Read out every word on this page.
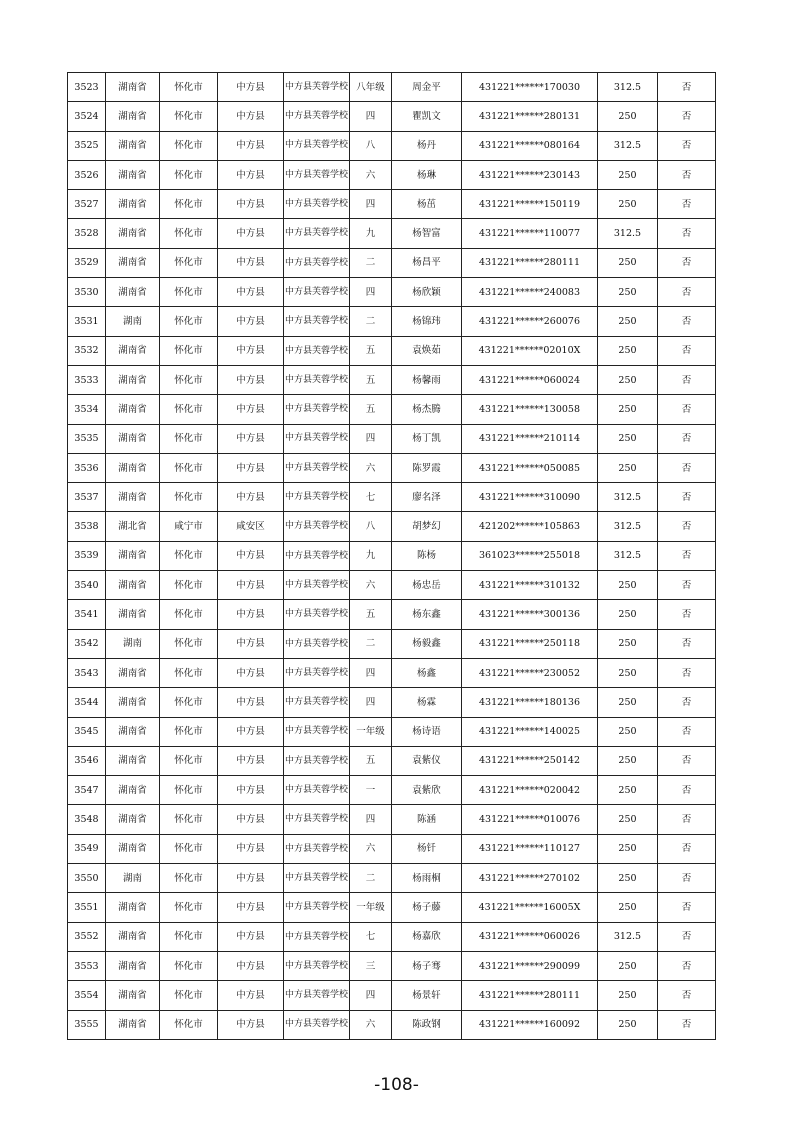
3523	湖南省	怀化市	中方县	中方县芙蓉学校	八年级	周金平	431221******170030	312.5	否
3524	湖南省	怀化市	中方县	中方县芙蓉学校	四	瞿凯文	431221******280131	250	否
3525	湖南省	怀化市	中方县	中方县芙蓉学校	八	杨丹	431221******080164	312.5	否
3526	湖南省	怀化市	中方县	中方县芙蓉学校	六	杨琳	431221******230143	250	否
3527	湖南省	怀化市	中方县	中方县芙蓉学校	四	杨茁	431221******150119	250	否
3528	湖南省	怀化市	中方县	中方县芙蓉学校	九	杨智富	431221******110077	312.5	否
3529	湖南省	怀化市	中方县	中方县芙蓉学校	二	杨昌平	431221******280111	250	否
3530	湖南省	怀化市	中方县	中方县芙蓉学校	四	杨欣颖	431221******240083	250	否
3531	湖南	怀化市	中方县	中方县芙蓉学校	二	杨锦玮	431221******260076	250	否
3532	湖南省	怀化市	中方县	中方县芙蓉学校	五	袁焕茹	431221******02010X	250	否
3533	湖南省	怀化市	中方县	中方县芙蓉学校	五	杨馨雨	431221******060024	250	否
3534	湖南省	怀化市	中方县	中方县芙蓉学校	五	杨杰腾	431221******130058	250	否
3535	湖南省	怀化市	中方县	中方县芙蓉学校	四	杨丁凯	431221******210114	250	否
3536	湖南省	怀化市	中方县	中方县芙蓉学校	六	陈罗霞	431221******050085	250	否
3537	湖南省	怀化市	中方县	中方县芙蓉学校	七	廖名泽	431221******310090	312.5	否
3538	湖北省	咸宁市	咸安区	中方县芙蓉学校	八	胡梦幻	421202******105863	312.5	否
3539	湖南省	怀化市	中方县	中方县芙蓉学校	九	陈杨	361023******255018	312.5	否
3540	湖南省	怀化市	中方县	中方县芙蓉学校	六	杨忠岳	431221******310132	250	否
3541	湖南省	怀化市	中方县	中方县芙蓉学校	五	杨东鑫	431221******300136	250	否
3542	湖南	怀化市	中方县	中方县芙蓉学校	二	杨毅鑫	431221******250118	250	否
3543	湖南省	怀化市	中方县	中方县芙蓉学校	四	杨鑫	431221******230052	250	否
3544	湖南省	怀化市	中方县	中方县芙蓉学校	四	杨霖	431221******180136	250	否
3545	湖南省	怀化市	中方县	中方县芙蓉学校	一年级	杨诗语	431221******140025	250	否
3546	湖南省	怀化市	中方县	中方县芙蓉学校	五	袁紫仪	431221******250142	250	否
3547	湖南省	怀化市	中方县	中方县芙蓉学校	一	袁紫欣	431221******020042	250	否
3548	湖南省	怀化市	中方县	中方县芙蓉学校	四	陈涵	431221******010076	250	否
3549	湖南省	怀化市	中方县	中方县芙蓉学校	六	杨钎	431221******110127	250	否
3550	湖南	怀化市	中方县	中方县芙蓉学校	二	杨雨桐	431221******270102	250	否
3551	湖南省	怀化市	中方县	中方县芙蓉学校	一年级	杨子藤	431221******16005X	250	否
3552	湖南省	怀化市	中方县	中方县芙蓉学校	七	杨嘉欣	431221******060026	312.5	否
3553	湖南省	怀化市	中方县	中方县芙蓉学校	三	杨子骞	431221******290099	250	否
3554	湖南省	怀化市	中方县	中方县芙蓉学校	四	杨景轩	431221******280111	250	否
3555	湖南省	怀化市	中方县	中方县芙蓉学校	六	陈政钢	431221******160092	250	否
-108-
